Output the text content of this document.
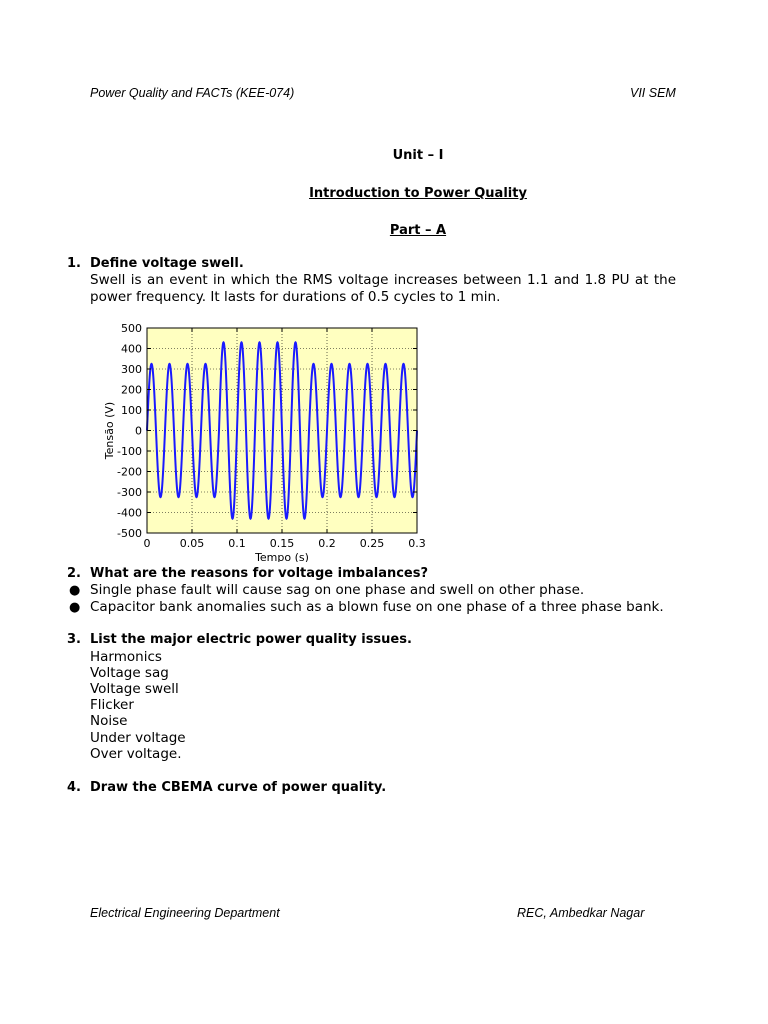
Power Quality and FACTs (KEE-074)	VII SEM
Unit – I
Introduction to Power Quality
Part – A
1. Define voltage swell.
Swell is an event in which the RMS voltage increases between 1.1 and 1.8 PU at the power frequency. It lasts for durations of 0.5 cycles to 1 min.
500
400
300
200
100
0
-100
-200
-300
-400
-500
0	0.05 0.1 0.15 0.2 0.25 0.3
Tempo (s)
Tensão (V)
2. What are the reasons for voltage imbalances?
● Single phase fault will cause sag on one phase and swell on other phase.
● Capacitor bank anomalies such as a blown fuse on one phase of a three phase bank.
3. List the major electric power quality issues.
Harmonics
Voltage sag
Voltage swell
Flicker
Noise
Under voltage
Over voltage.
4. Draw the CBEMA curve of power quality.
Electrical Engineering Department	REC, Ambedkar Nagar
